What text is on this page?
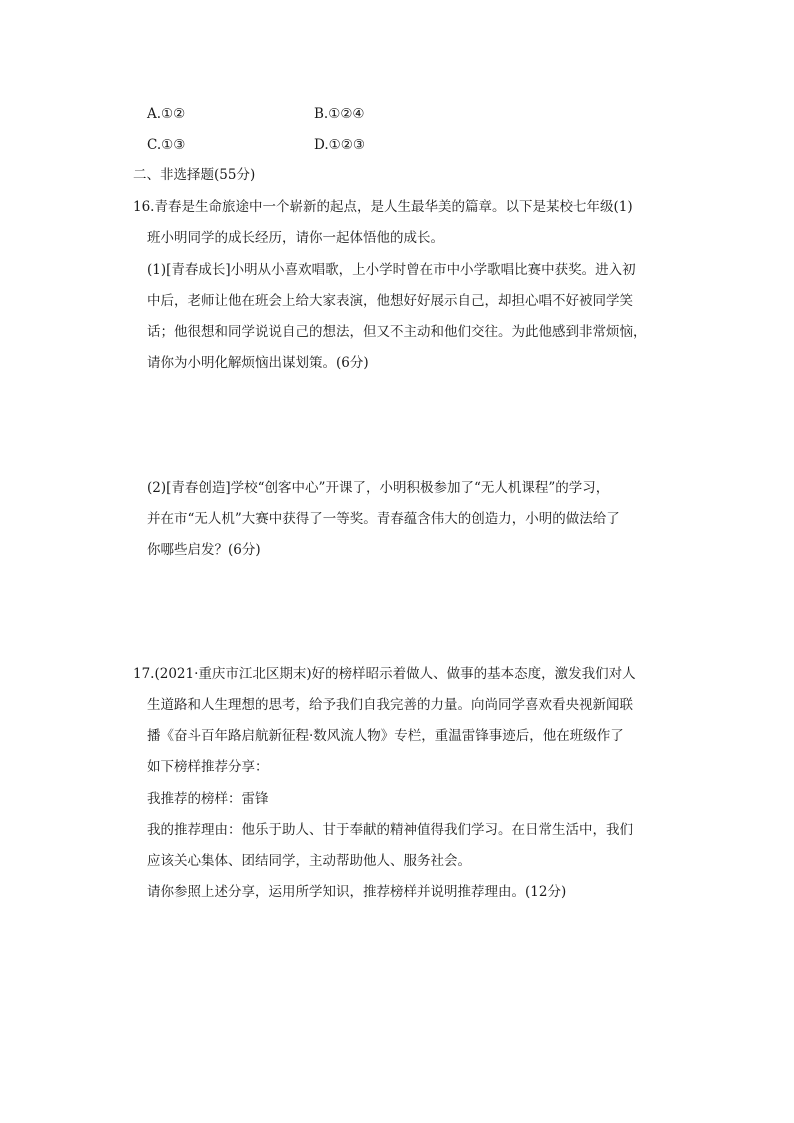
A.①②	B.①②④
C.①③	D.①②③
二、非选择题(55分)
16.青春是生命旅途中一个崭新的起点，是人生最华美的篇章。以下是某校七年级(1)
班小明同学的成长经历，请你一起体悟他的成长。
(1)[青春成长]小明从小喜欢唱歌，上小学时曾在市中小学歌唱比赛中获奖。进入初
中后，老师让他在班会上给大家表演，他想好好展示自己，却担心唱不好被同学笑
话；他很想和同学说说自己的想法，但又不主动和他们交往。为此他感到非常烦恼，
请你为小明化解烦恼出谋划策。(6分)
(2)[青春创造]学校“创客中心”开课了，小明积极参加了“无人机课程”的学习，
并在市“无人机”大赛中获得了一等奖。青春蕴含伟大的创造力，小明的做法给了
你哪些启发？(6分)
17.(2021·重庆市江北区期末)好的榜样昭示着做人、做事的基本态度，激发我们对人
生道路和人生理想的思考，给予我们自我完善的力量。向尚同学喜欢看央视新闻联
播《奋斗百年路启航新征程·数风流人物》专栏，重温雷锋事迹后，他在班级作了
如下榜样推荐分享：
我推荐的榜样：雷锋
我的推荐理由：他乐于助人、甘于奉献的精神值得我们学习。在日常生活中，我们
应该关心集体、团结同学，主动帮助他人、服务社会。
请你参照上述分享，运用所学知识，推荐榜样并说明推荐理由。(12分)
